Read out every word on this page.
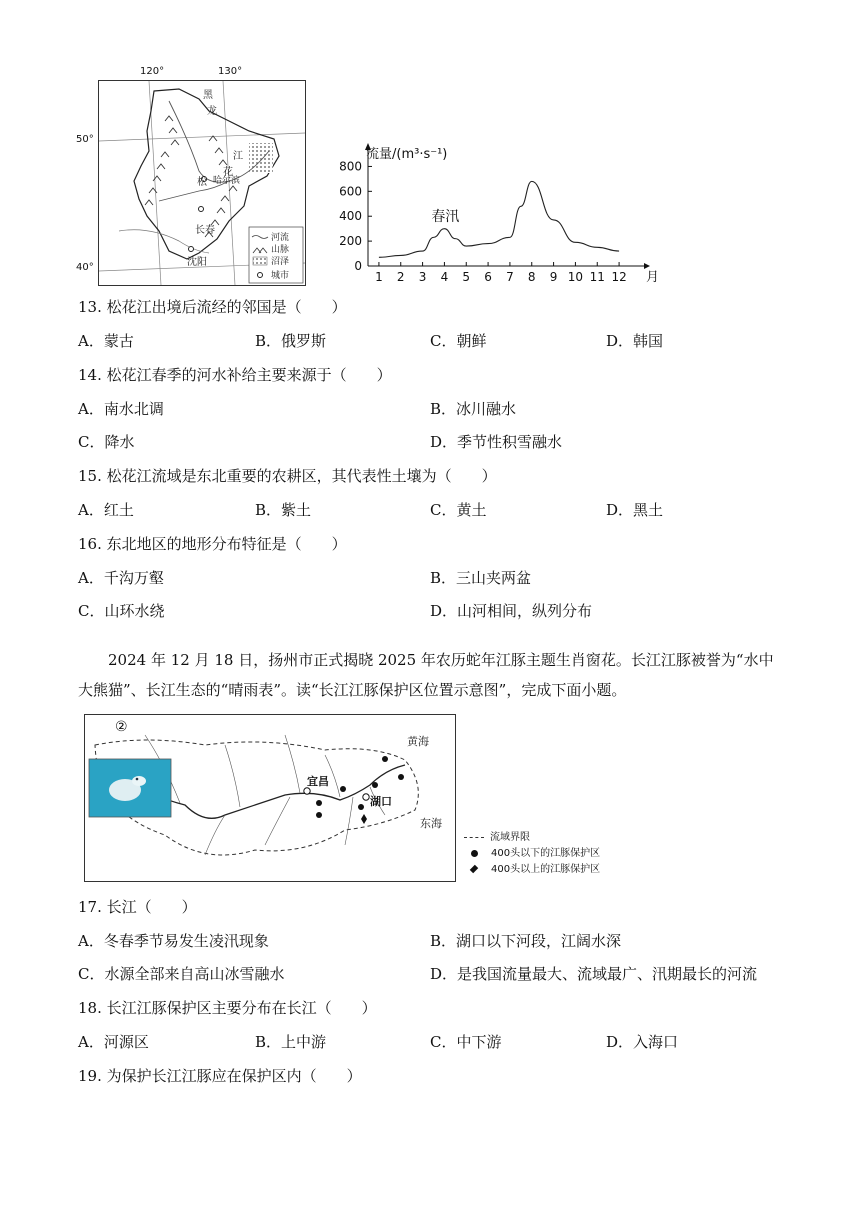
黑
龙
江
松
花
长春
哈尔滨
沈阳
河流
山脉
沼泽
城市
120°	130°
50°
40°
流量/(m³·s⁻¹)
0
200
400
600
800
1 2 3 4 5 6 7 8 9 10 11 12 月
春汛
13. 松花江出境后流经的邻国是（　　）
A．蒙古	B．俄罗斯	C．朝鲜	D．韩国
14. 松花江春季的河水补给主要来源于（　　）
A．南水北调	B．冰川融水
C．降水	D．季节性积雪融水
15. 松花江流域是东北重要的农耕区，其代表性土壤为（　　）
A．红土	B．紫土	C．黄土	D．黑土
16. 东北地区的地形分布特征是（　　）
A．千沟万壑	B．三山夹两盆
C．山环水绕	D．山河相间，纵列分布
2024 年 12 月 18 日，扬州市正式揭晓 2025 年农历蛇年江豚主题生肖窗花。长江江豚被誉为“水中大熊猫”、长江生态的“晴雨表”。读“长江江豚保护区位置示意图”，完成下面小题。
黄海
东海
宜昌
湖口
②
流域界限
400头以下的江豚保护区
400头以上的江豚保护区
17. 长江（　　）
A．冬春季节易发生凌汛现象	B．湖口以下河段，江阔水深
C．水源全部来自高山冰雪融水	D．是我国流量最大、流域最广、汛期最长的河流
18. 长江江豚保护区主要分布在长江（　　）
A．河源区	B．上中游	C．中下游	D．入海口
19. 为保护长江江豚应在保护区内（　　）
